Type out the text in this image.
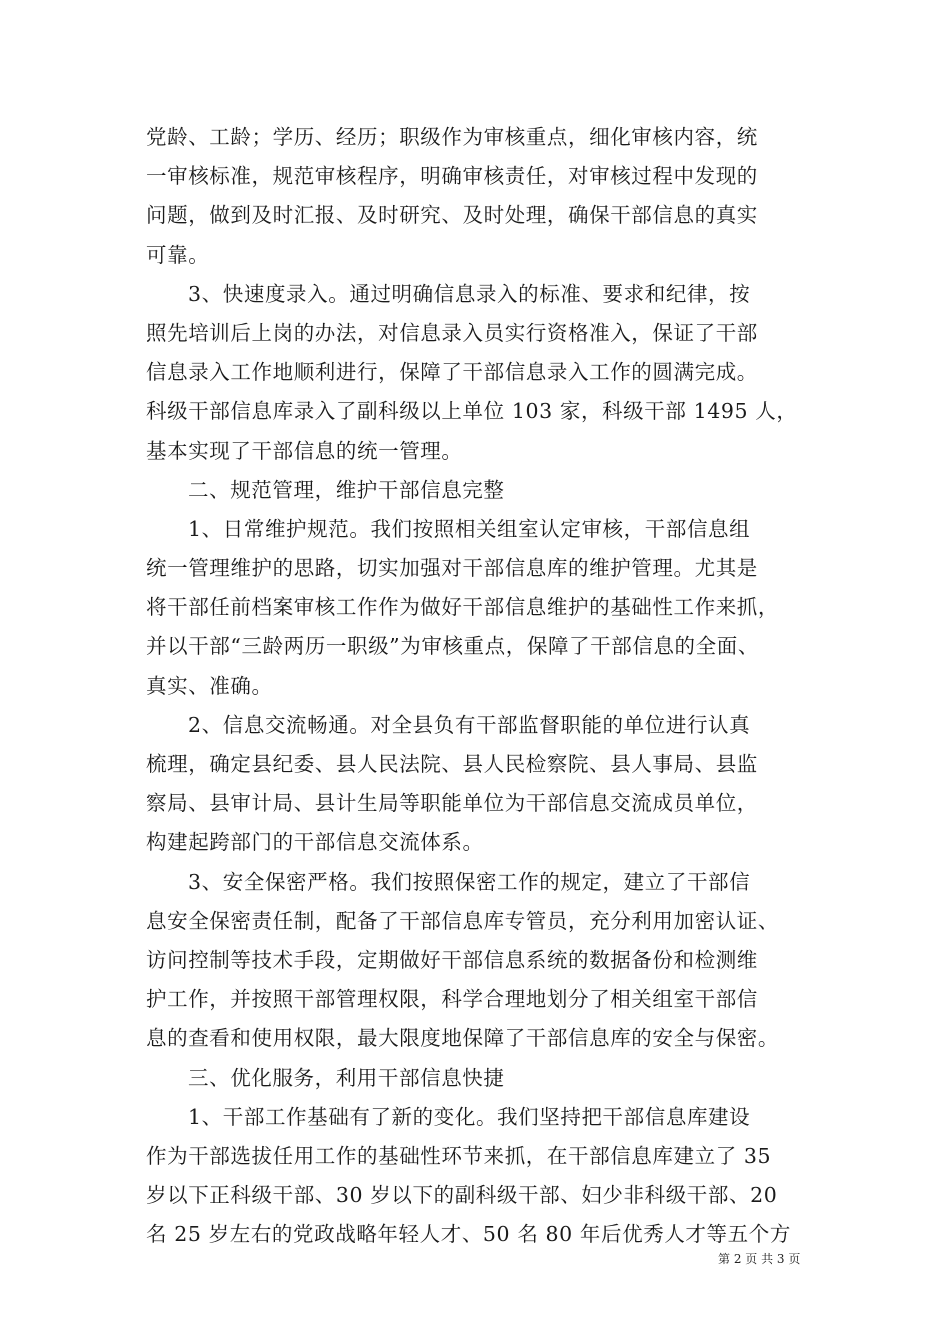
党龄、工龄；学历、经历；职级作为审核重点，细化审核内容，统
一审核标准，规范审核程序，明确审核责任，对审核过程中发现的
问题，做到及时汇报、及时研究、及时处理，确保干部信息的真实
可靠。
3、快速度录入。通过明确信息录入的标准、要求和纪律，按
照先培训后上岗的办法，对信息录入员实行资格准入，保证了干部
信息录入工作地顺利进行，保障了干部信息录入工作的圆满完成。
科级干部信息库录入了副科级以上单位 103 家，科级干部 1495 人，
基本实现了干部信息的统一管理。
二、规范管理，维护干部信息完整
1、日常维护规范。我们按照相关组室认定审核，干部信息组
统一管理维护的思路，切实加强对干部信息库的维护管理。尤其是
将干部任前档案审核工作作为做好干部信息维护的基础性工作来抓，
并以干部“三龄两历一职级”为审核重点，保障了干部信息的全面、
真实、准确。
2、信息交流畅通。对全县负有干部监督职能的单位进行认真
梳理，确定县纪委、县人民法院、县人民检察院、县人事局、县监
察局、县审计局、县计生局等职能单位为干部信息交流成员单位，
构建起跨部门的干部信息交流体系。
3、安全保密严格。我们按照保密工作的规定，建立了干部信
息安全保密责任制，配备了干部信息库专管员，充分利用加密认证、
访问控制等技术手段，定期做好干部信息系统的数据备份和检测维
护工作，并按照干部管理权限，科学合理地划分了相关组室干部信
息的查看和使用权限，最大限度地保障了干部信息库的安全与保密。
三、优化服务，利用干部信息快捷
1、干部工作基础有了新的变化。我们坚持把干部信息库建设
作为干部选拔任用工作的基础性环节来抓，在干部信息库建立了 35
岁以下正科级干部、30 岁以下的副科级干部、妇少非科级干部、20
名 25 岁左右的党政战略年轻人才、50 名 80 年后优秀人才等五个方
第 2 页 共 3 页
